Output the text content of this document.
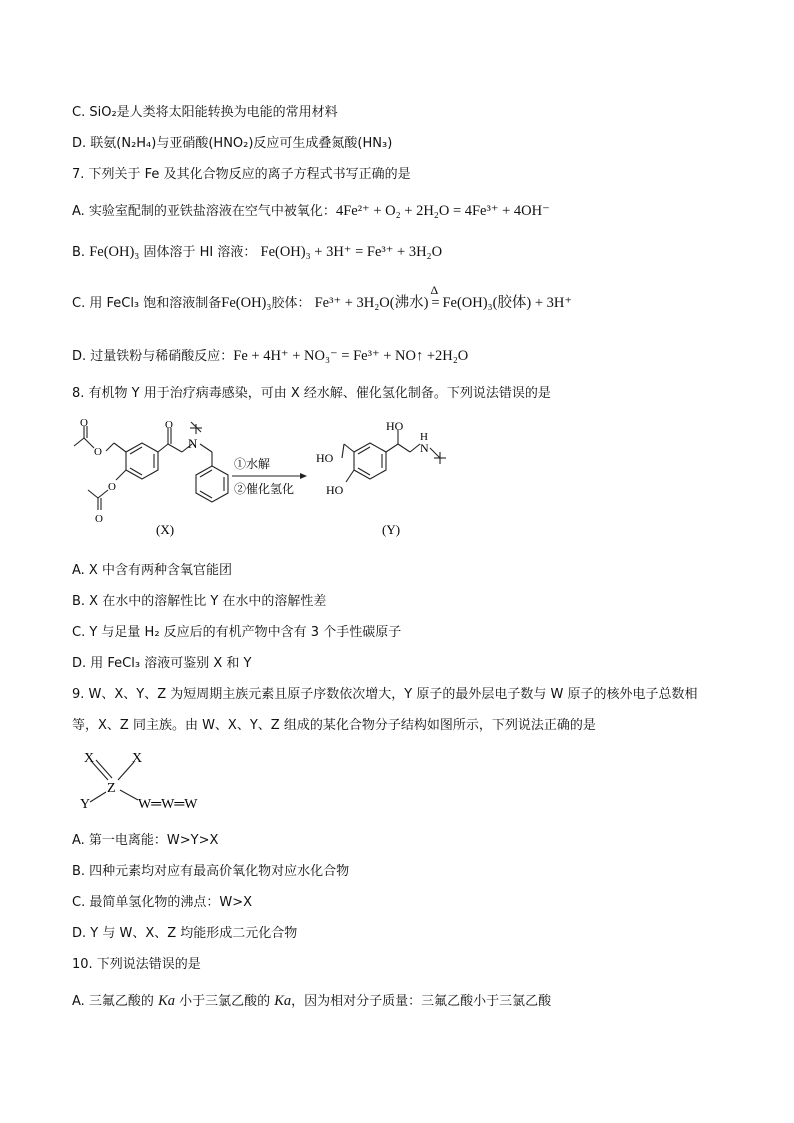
C. SiO₂是人类将太阳能转换为电能的常用材料
D. 联氨(N₂H₄)与亚硝酸(HNO₂)反应可生成叠氮酸(HN₃)
7. 下列关于 Fe 及其化合物反应的离子方程式书写正确的是
A. 实验室配制的亚铁盐溶液在空气中被氧化：4Fe²⁺ + O₂ + 2H₂O = 4Fe³⁺ + 4OH⁻
B. Fe(OH)₃ 固体溶于 HI 溶液： Fe(OH)₃ + 3H⁺ = Fe³⁺ + 3H₂O
C. 用 FeCl₃ 饱和溶液制备Fe(OH)₃胶体： Fe³⁺ + 3H₂O(沸水)
Δ
= Fe(OH)₃(胶体) + 3H⁺
D. 过量铁粉与稀硝酸反应：Fe + 4H⁺ + NO₃⁻ = Fe³⁺ + NO↑ +2H₂O
8. 有机物 Y 用于治疗病毒感染，可由 X 经水解、催化氢化制备。下列说法错误的是
N
O
O	O
O
O
(X)
①水解
②催化氢化
HO
HO
HO
H
N
(Y)
A. X 中含有两种含氧官能团
B. X 在水中的溶解性比 Y 在水中的溶解性差
C. Y 与足量 H₂ 反应后的有机产物中含有 3 个手性碳原子
D. 用 FeCl₃ 溶液可鉴别 X 和 Y
9. W、X、Y、Z 为短周期主族元素且原子序数依次增大，Y 原子的最外层电子数与 W 原子的核外电子总数相
等，X、Z 同主族。由 W、X、Y、Z 组成的某化合物分子结构如图所示，下列说法正确的是
X	X
Z
Y	W═W═W
A. 第一电离能：W>Y>X
B. 四种元素均对应有最高价氧化物对应水化合物
C. 最简单氢化物的沸点：W>X
D. Y 与 W、X、Z 均能形成二元化合物
10. 下列说法错误的是
A. 三氟乙酸的 Ka 小于三氯乙酸的 Ka，因为相对分子质量：三氟乙酸小于三氯乙酸
